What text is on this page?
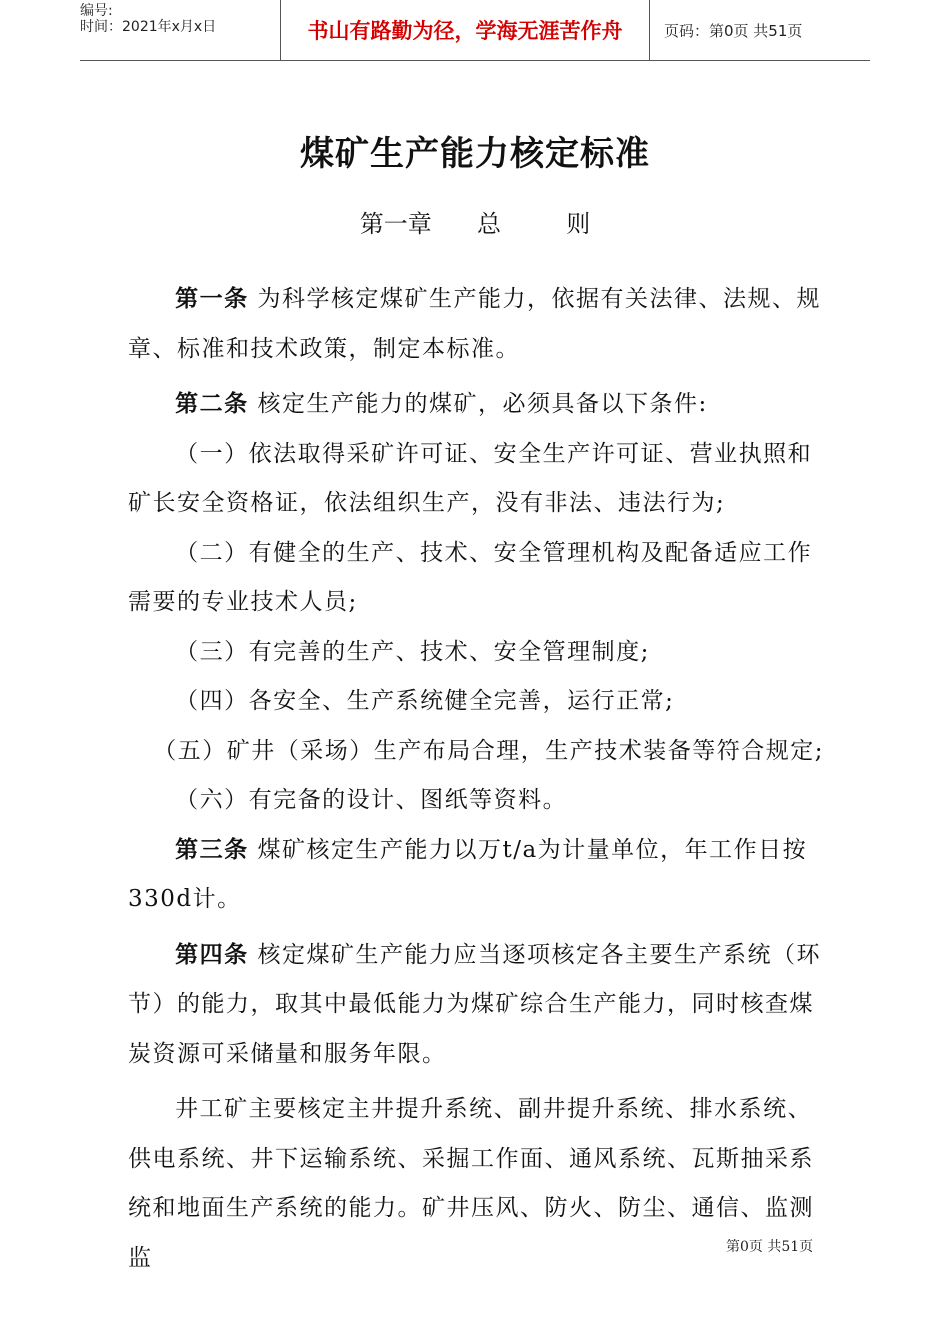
编号:
时间：2021年x月x日	书山有路勤为径，学海无涯苦作舟	页码：第0页 共51页
煤矿生产能力核定标准
第一章 总	则

第一条 为科学核定煤矿生产能力，依据有关法律、法规、规章、标准和技术政策，制定本标准。

第二条 核定生产能力的煤矿，必须具备以下条件:

（一）依法取得采矿许可证、安全生产许可证、营业执照和矿长安全资格证，依法组织生产，没有非法、违法行为;

（二）有健全的生产、技术、安全管理机构及配备适应工作需要的专业技术人员;

（三）有完善的生产、技术、安全管理制度;

（四）各安全、生产系统健全完善，运行正常;

（五）矿井（采场）生产布局合理，生产技术装备等符合规定;

（六）有完备的设计、图纸等资料。

第三条 煤矿核定生产能力以万t/a为计量单位，年工作日按330d计。

第四条 核定煤矿生产能力应当逐项核定各主要生产系统（环节）的能力，取其中最低能力为煤矿综合生产能力，同时核查煤炭资源可采储量和服务年限。

井工矿主要核定主井提升系统、副井提升系统、排水系统、供电系统、井下运输系统、采掘工作面、通风系统、瓦斯抽采系统和地面生产系统的能力。矿井压风、防火、防尘、通信、监测监	第0页 共51页
